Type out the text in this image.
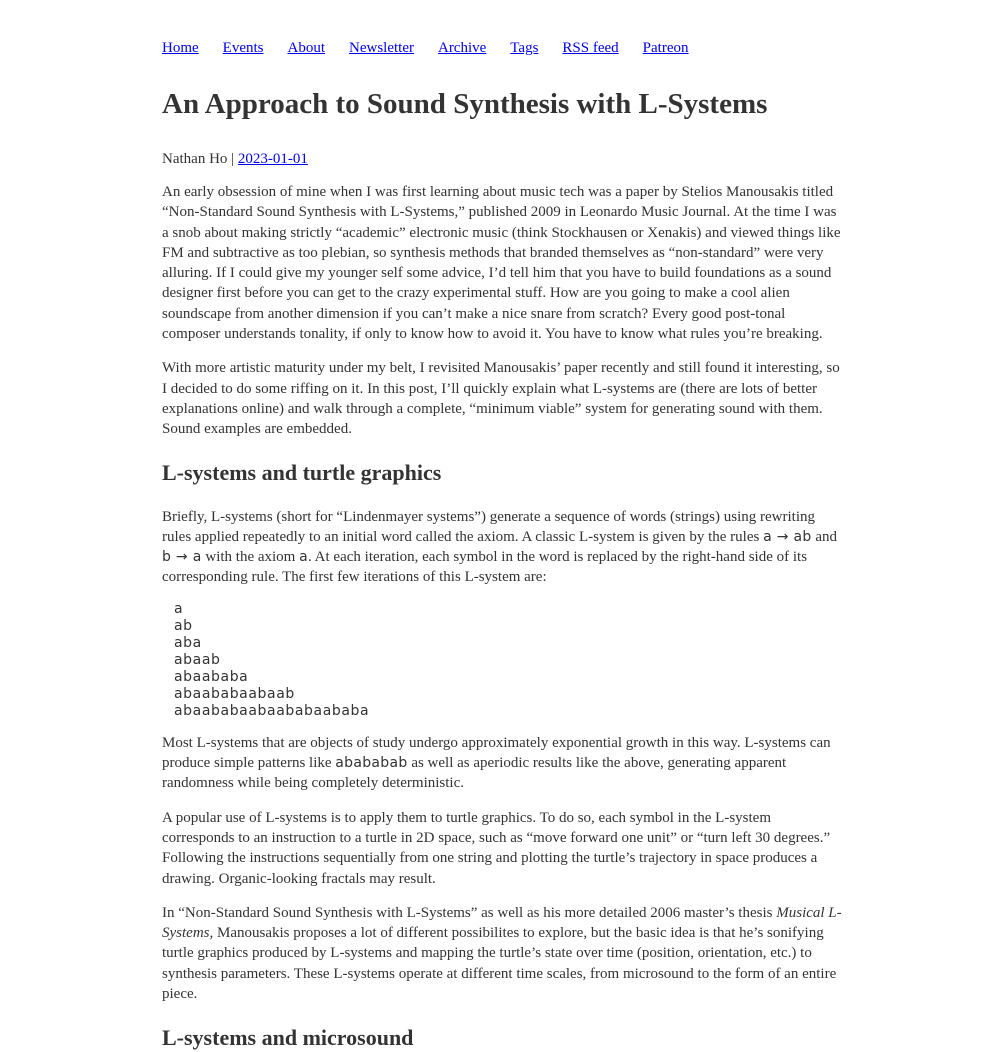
Home Events About Newsletter Archive Tags RSS feed Patreon
An Approach to Sound Synthesis with L-Systems
Nathan Ho | 2023-01-01

An early obsession of mine when I was first learning about music tech was a paper by Stelios Manousakis titled “Non-Standard Sound Synthesis with L-Systems,” published 2009 in Leonardo Music Journal. At the time I was a snob about making strictly “academic” electronic music (think Stockhausen or Xenakis) and viewed things like FM and subtractive as too plebian, so synthesis methods that branded themselves as “non-standard” were very alluring. If I could give my younger self some advice, I’d tell him that you have to build foundations as a sound designer first before you can get to the crazy experimental stuff. How are you going to make a cool alien soundscape from another dimension if you can’t make a nice snare from scratch? Every good post-tonal composer understands tonality, if only to know how to avoid it. You have to know what rules you’re breaking.

With more artistic maturity under my belt, I revisited Manousakis’ paper recently and still found it interesting, so I decided to do some riffing on it. In this post, I’ll quickly explain what L-systems are (there are lots of better explanations online) and walk through a complete, “minimum viable” system for generating sound with them. Sound examples are embedded.

L-systems and turtle graphics

Briefly, L-systems (short for “Lindenmayer systems”) generate a sequence of words (strings) using rewriting rules applied repeatedly to an initial word called the axiom. A classic L-system is given by the rules a → ab and b → a with the axiom a. At each iteration, each symbol in the word is replaced by the right-hand side of its corresponding rule. The first few iterations of this L-system are:

a
ab
aba
abaab
abaababa
abaababaabaab
abaababaabaababaababa

Most L-systems that are objects of study undergo approximately exponential growth in this way. L-systems can produce simple patterns like abababab as well as aperiodic results like the above, generating apparent randomness while being completely deterministic.

A popular use of L-systems is to apply them to turtle graphics. To do so, each symbol in the L-system corresponds to an instruction to a turtle in 2D space, such as “move forward one unit” or “turn left 30 degrees.” Following the instructions sequentially from one string and plotting the turtle’s trajectory in space produces a drawing. Organic-looking fractals may result.

In “Non-Standard Sound Synthesis with L-Systems” as well as his more detailed 2006 master’s thesis Musical L-Systems, Manousakis proposes a lot of different possibilites to explore, but the basic idea is that he’s sonifying turtle graphics produced by L-systems and mapping the turtle’s state over time (position, orientation, etc.) to synthesis parameters. These L-systems operate at different time scales, from microsound to the form of an entire piece.

L-systems and microsound
